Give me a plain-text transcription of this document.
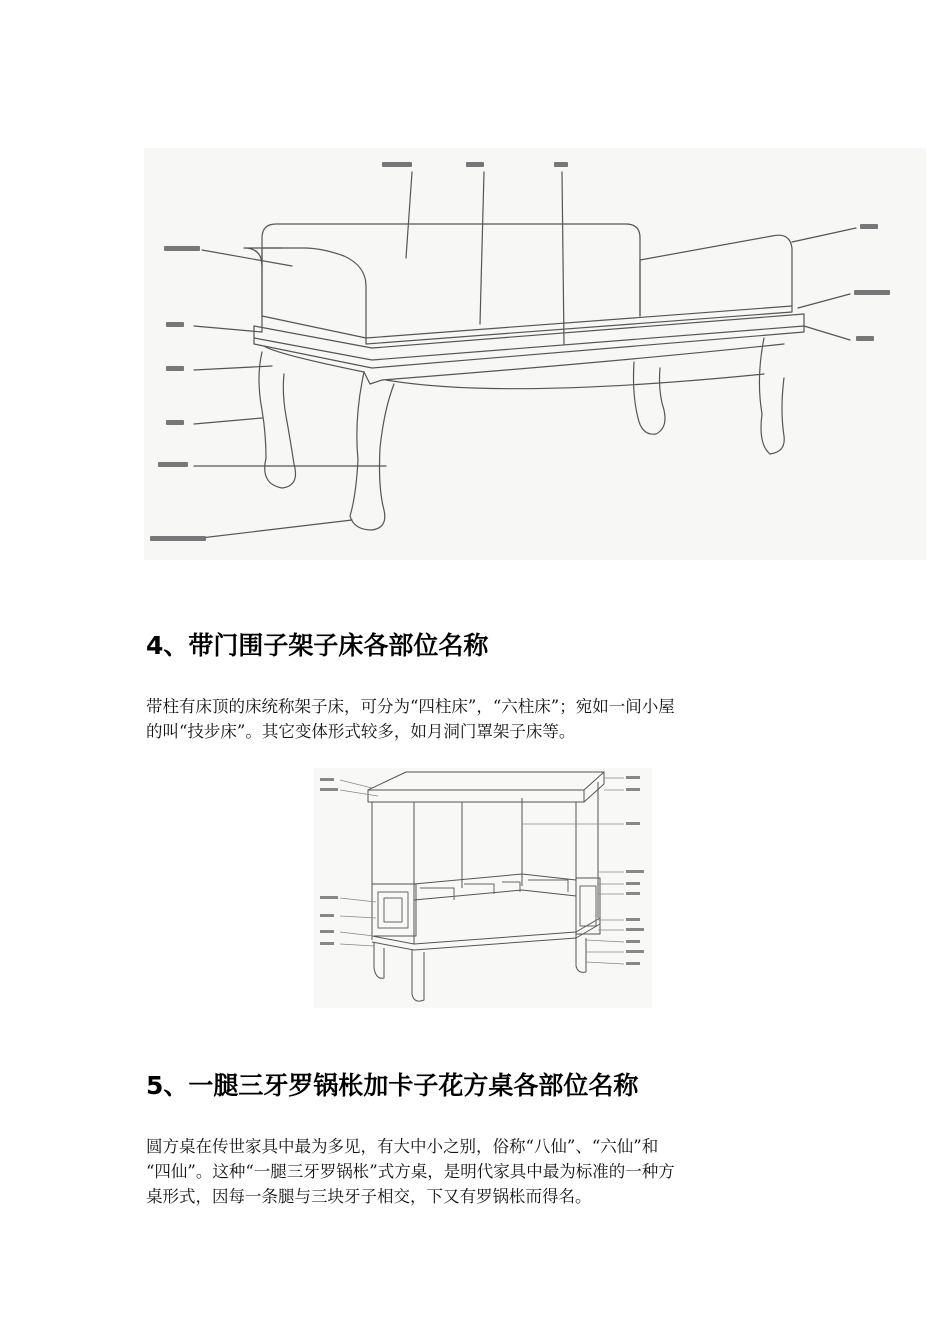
4、带门围子架子床各部位名称
带柱有床顶的床统称架子床，可分为“四柱床”，“六柱床”；宛如一间小屋
的叫“技步床”。其它变体形式较多，如月洞门罩架子床等。
5、一腿三牙罗锅枨加卡子花方桌各部位名称
圆方桌在传世家具中最为多见，有大中小之别，俗称“八仙”、“六仙”和
“四仙”。这种“一腿三牙罗锅枨”式方桌，是明代家具中最为标准的一种方
桌形式，因每一条腿与三块牙子相交，下又有罗锅枨而得名。
